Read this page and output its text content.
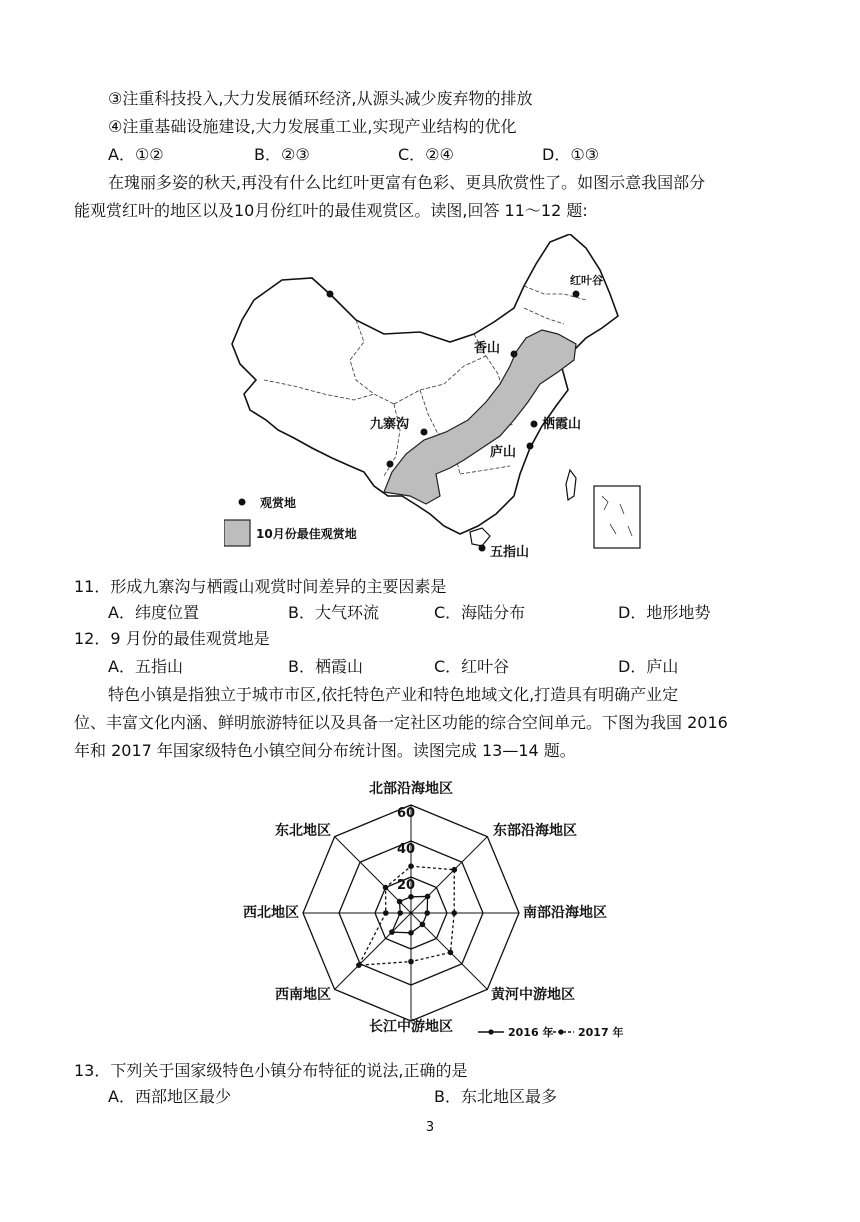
③注重科技投入,大力发展循环经济,从源头减少废弃物的排放
④注重基础设施建设,大力发展重工业,实现产业结构的优化
A．①②	B．②③	C．②④	D．①③
在瑰丽多姿的秋天,再没有什么比红叶更富有色彩、更具欣赏性了。如图示意我国部分
能观赏红叶的地区以及10月份红叶的最佳观赏区。读图,回答 11～12 题:
红叶谷
香山
九寨沟	栖霞山
庐山
五指山
观赏地
10月份最佳观赏地
11．形成九寨沟与栖霞山观赏时间差异的主要因素是
A．纬度位置	B．大气环流	C．海陆分布	D．地形地势
12．9 月份的最佳观赏地是
A．五指山	B．栖霞山	C．红叶谷	D．庐山
特色小镇是指独立于城市市区,依托特色产业和特色地域文化,打造具有明确产业定
位、丰富文化内涵、鲜明旅游特征以及具备一定社区功能的综合空间单元。下图为我国 2016
年和 2017 年国家级特色小镇空间分布统计图。读图完成 13—14 题。
20
40
60
北部沿海地区
东部沿海地区
南部沿海地区
黄河中游地区
长江中游地区
西南地区
西北地区
东北地区
2016 年 2017 年
13．下列关于国家级特色小镇分布特征的说法,正确的是
A．西部地区最少	B．东北地区最多
3
